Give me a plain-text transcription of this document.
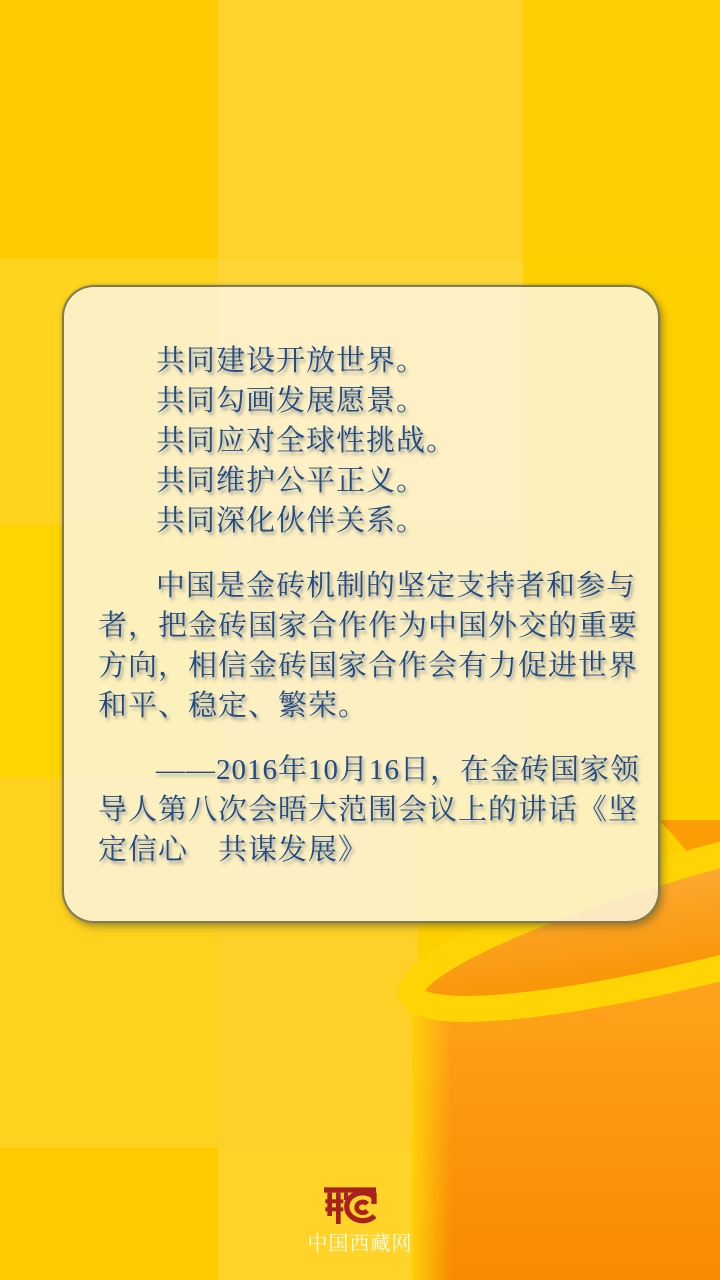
共同建设开放世界。
共同勾画发展愿景。
共同应对全球性挑战。
共同维护公平正义。
共同深化伙伴关系。
中国是金砖机制的坚定支持者和参与
者，把金砖国家合作作为中国外交的重要
方向，相信金砖国家合作会有力促进世界
和平、稳定、繁荣。
——2016年10月16日，在金砖国家领
导人第八次会晤大范围会议上的讲话《坚
定信心　共谋发展》
中国西藏网
